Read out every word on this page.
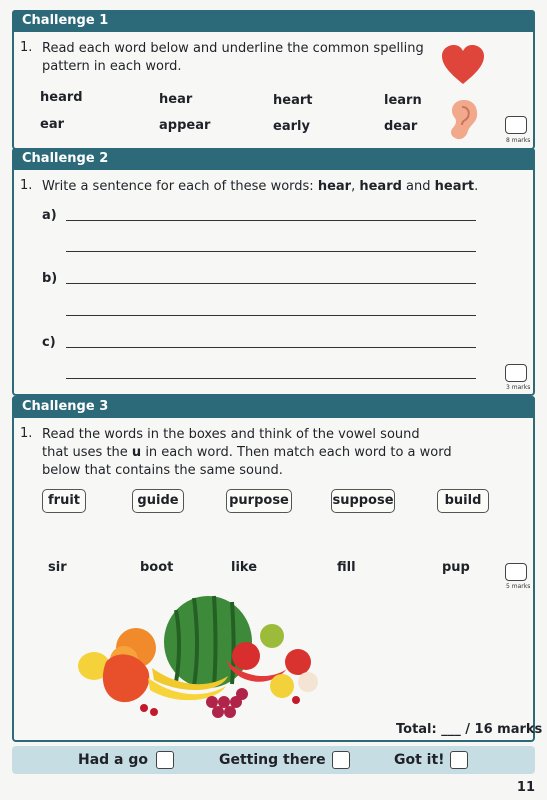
Challenge 1
1. Read each word below and underline the common spelling
pattern in each word.
heard	hear	heart	learn
ear	appear	early	dear
8 marks
Challenge 2
1. Write a sentence for each of these words: hear, heard and heart.
a)
b)
c)
3 marks
Challenge 3
1. Read the words in the boxes and think of the vowel sound
that uses the u in each word. Then match each word to a word
below that contains the same sound.
fruit	guide	purpose	suppose	build
sir	boot	like	fill	pup
5 marks
Total: ___ / 16 marks
Had a go	Getting there	Got it!
11
